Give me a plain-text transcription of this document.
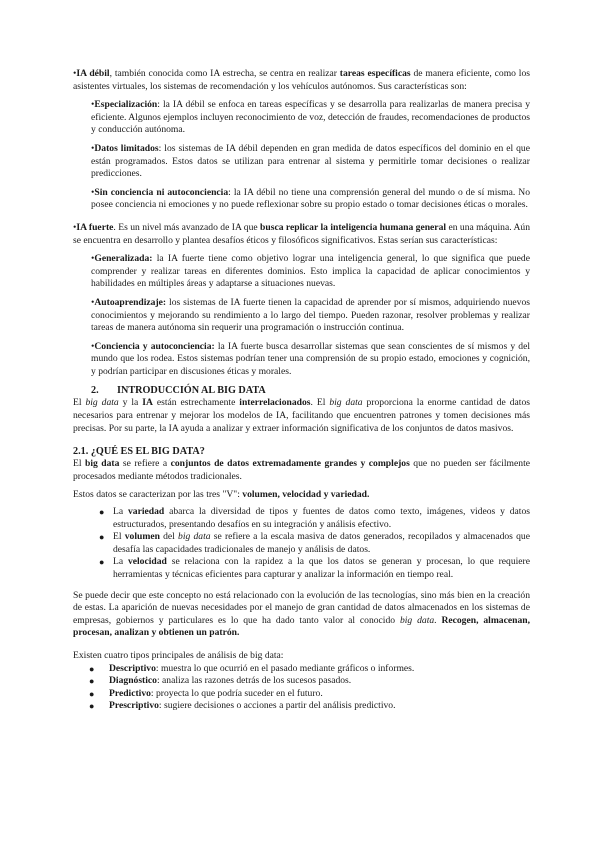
•IA débil, también conocida como IA estrecha, se centra en realizar tareas específicas de manera eficiente, como los asistentes virtuales, los sistemas de recomendación y los vehículos autónomos. Sus características son:

•Especialización: la IA débil se enfoca en tareas específicas y se desarrolla para realizarlas de manera precisa y eficiente. Algunos ejemplos incluyen reconocimiento de voz, detección de fraudes, recomendaciones de productos y conducción autónoma.

•Datos limitados: los sistemas de IA débil dependen en gran medida de datos específicos del dominio en el que están programados. Estos datos se utilizan para entrenar al sistema y permitirle tomar decisiones o realizar predicciones.

•Sin conciencia ni autoconciencia: la IA débil no tiene una comprensión general del mundo o de sí misma. No posee conciencia ni emociones y no puede reflexionar sobre su propio estado o tomar decisiones éticas o morales.

•IA fuerte. Es un nivel más avanzado de IA que busca replicar la inteligencia humana general en una máquina. Aún se encuentra en desarrollo y plantea desafíos éticos y filosóficos significativos. Estas serían sus características:

•Generalizada: la IA fuerte tiene como objetivo lograr una inteligencia general, lo que significa que puede comprender y realizar tareas en diferentes dominios. Esto implica la capacidad de aplicar conocimientos y habilidades en múltiples áreas y adaptarse a situaciones nuevas.

•Autoaprendizaje: los sistemas de IA fuerte tienen la capacidad de aprender por sí mismos, adquiriendo nuevos conocimientos y mejorando su rendimiento a lo largo del tiempo. Pueden razonar, resolver problemas y realizar tareas de manera autónoma sin requerir una programación o instrucción continua.

•Conciencia y autoconciencia: la IA fuerte busca desarrollar sistemas que sean conscientes de sí mismos y del mundo que los rodea. Estos sistemas podrían tener una comprensión de su propio estado, emociones y cognición, y podrían participar en discusiones éticas y morales.

2. INTRODUCCIÓN AL BIG DATA

El big data y la IA están estrechamente interrelacionados. El big data proporciona la enorme cantidad de datos necesarios para entrenar y mejorar los modelos de IA, facilitando que encuentren patrones y tomen decisiones más precisas. Por su parte, la IA ayuda a analizar y extraer información significativa de los conjuntos de datos masivos.

2.1. ¿QUÉ ES EL BIG DATA?

El big data se refiere a conjuntos de datos extremadamente grandes y complejos que no pueden ser fácilmente procesados mediante métodos tradicionales.

Estos datos se caracterizan por las tres "V": volumen, velocidad y variedad.

● La variedad abarca la diversidad de tipos y fuentes de datos como texto, imágenes, videos y datos estructurados, presentando desafíos en su integración y análisis efectivo.
● El volumen del big data se refiere a la escala masiva de datos generados, recopilados y almacenados que desafía las capacidades tradicionales de manejo y análisis de datos.
● La velocidad se relaciona con la rapidez a la que los datos se generan y procesan, lo que requiere herramientas y técnicas eficientes para capturar y analizar la información en tiempo real.

Se puede decir que este concepto no está relacionado con la evolución de las tecnologías, sino más bien en la creación de estas. La aparición de nuevas necesidades por el manejo de gran cantidad de datos almacenados en los sistemas de empresas, gobiernos y particulares es lo que ha dado tanto valor al conocido big data. Recogen, almacenan, procesan, analizan y obtienen un patrón.

Existen cuatro tipos principales de análisis de big data:

● Descriptivo: muestra lo que ocurrió en el pasado mediante gráficos o informes.
● Diagnóstico: analiza las razones detrás de los sucesos pasados.
● Predictivo: proyecta lo que podría suceder en el futuro.
● Prescriptivo: sugiere decisiones o acciones a partir del análisis predictivo.
